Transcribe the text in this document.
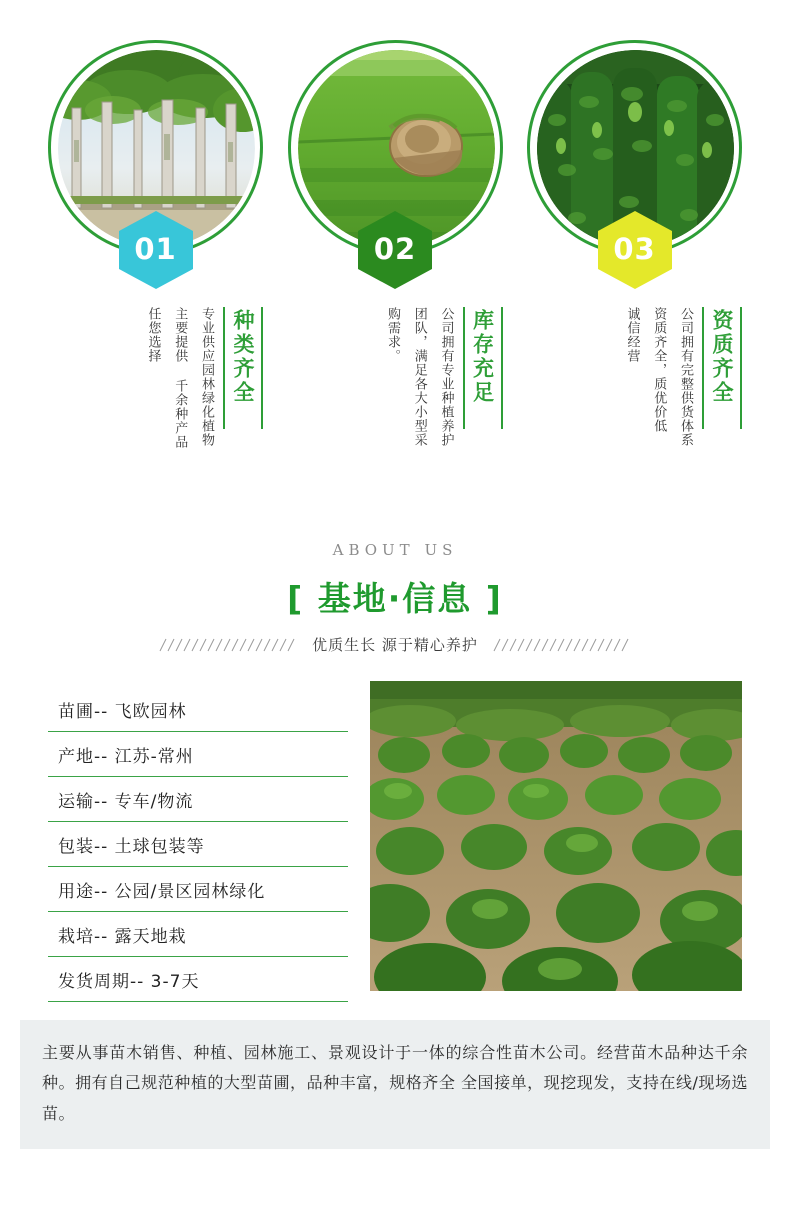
01
种类齐全
专业供应园林绿化植物
主要提供 千余种产品
任您选择
02
库存充足
公司拥有专业种植养护
团队，满足各大小型采
购需求。
03
资质齐全
公司拥有完整供货体系
资质齐全，质优价低
诚信经营
ABOUT US
[ 基地·信息 ]
优质生长 源于精心养护
苗圃-- 飞欧园林
产地-- 江苏-常州
运输-- 专车/物流
包装-- 土球包装等
用途-- 公园/景区园林绿化
栽培-- 露天地栽
发货周期-- 3-7天

主要从事苗木销售、种植、园林施工、景观设计于一体的综合性苗木公司。经营苗木品种达千余种。拥有自己规范种植的大型苗圃，品种丰富，规格齐全 全国接单，现挖现发，支持在线/现场选苗。
